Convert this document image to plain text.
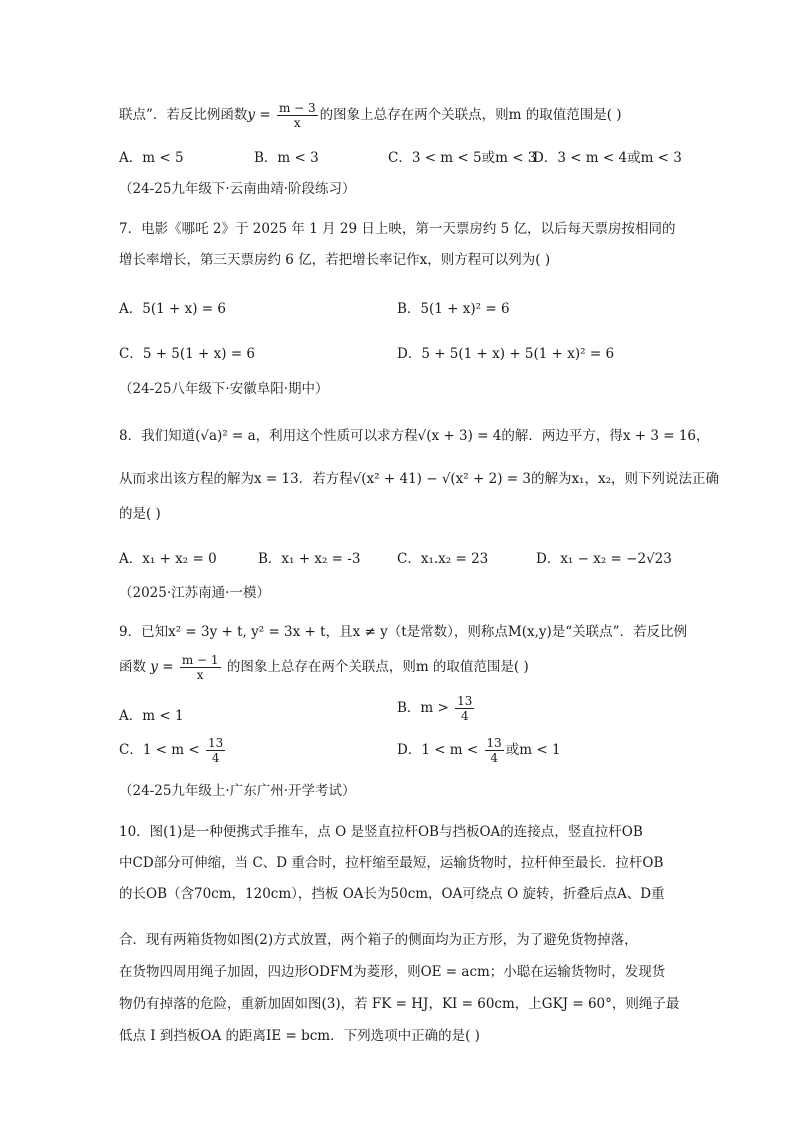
联点”．若反比例函数$y = \frac{m - 3}{x}$ 的图象上总存在两个关联点，则m 的取值范围是( )
A．m < 5	B．m < 3	C．3 < m < 5或m < 3
D．3 < m < 4或m < 3
（24-25九年级下·云南曲靖·阶段练习）
7．电影《哪吒 2》于 2025 年 1 月 29 日上映，第一天票房约 5 亿，以后每天票房按相同的
增长率增长，第三天票房约 6 亿，若把增长率记作x，则方程可以列为( )
A．5(1 + x) = 6	B．5(1 + x)² = 6
C．5 + 5(1 + x) = 6	D．5 + 5(1 + x) + 5(1 + x)² = 6
（24-25八年级下·安徽阜阳·期中）
8．我们知道(√a)² = a，利用这个性质可以求方程√(x + 3) = 4的解．两边平方，得x + 3 = 16，
从而求出该方程的解为x = 13．若方程√(x² + 41) − √(x² + 2) = 3的解为x₁，x₂，则下列说法正确
的是( )
A．x₁ + x₂ = 0	B．x₁ + x₂ = -3	C．x₁.x₂ = 23	D．x₁ − x₂ = −2√23
（2025·江苏南通·一模）
9．已知x² = 3y + t, y² = 3x + t，且x ≠ y（t是常数），则称点M(x,y)是“关联点”．若反比例
函数 $y = \frac{m - 1}{x}$ 的图象上总存在两个关联点，则m 的取值范围是( )
A．m < 1	B．$m > \frac{13}{4}$
C．$1 < m < \frac{13}{4}$	D．$1 < m < \frac{13}{4}$ 或m < 1
（24-25九年级上·广东广州·开学考试）
10．图(1)是一种便携式手推车，点 O 是竖直拉杆OB与挡板OA的连接点，竖直拉杆OB
中CD部分可伸缩，当 C、D 重合时，拉杆缩至最短，运输货物时，拉杆伸至最长．拉杆OB
的长OB（含70cm，120cm），挡板 OA长为50cm，OA可绕点 O 旋转，折叠后点A、D重
合．现有两箱货物如图(2)方式放置，两个箱子的侧面均为正方形，为了避免货物掉落，
在货物四周用绳子加固，四边形ODFM为菱形，则OE = acm；小聪在运输货物时，发现货
物仍有掉落的危险，重新加固如图(3)，若 FK = HJ，KI = 60cm，上GKJ = 60°，则绳子最
低点 I 到挡板OA 的距离IE = bcm．下列选项中正确的是( )
